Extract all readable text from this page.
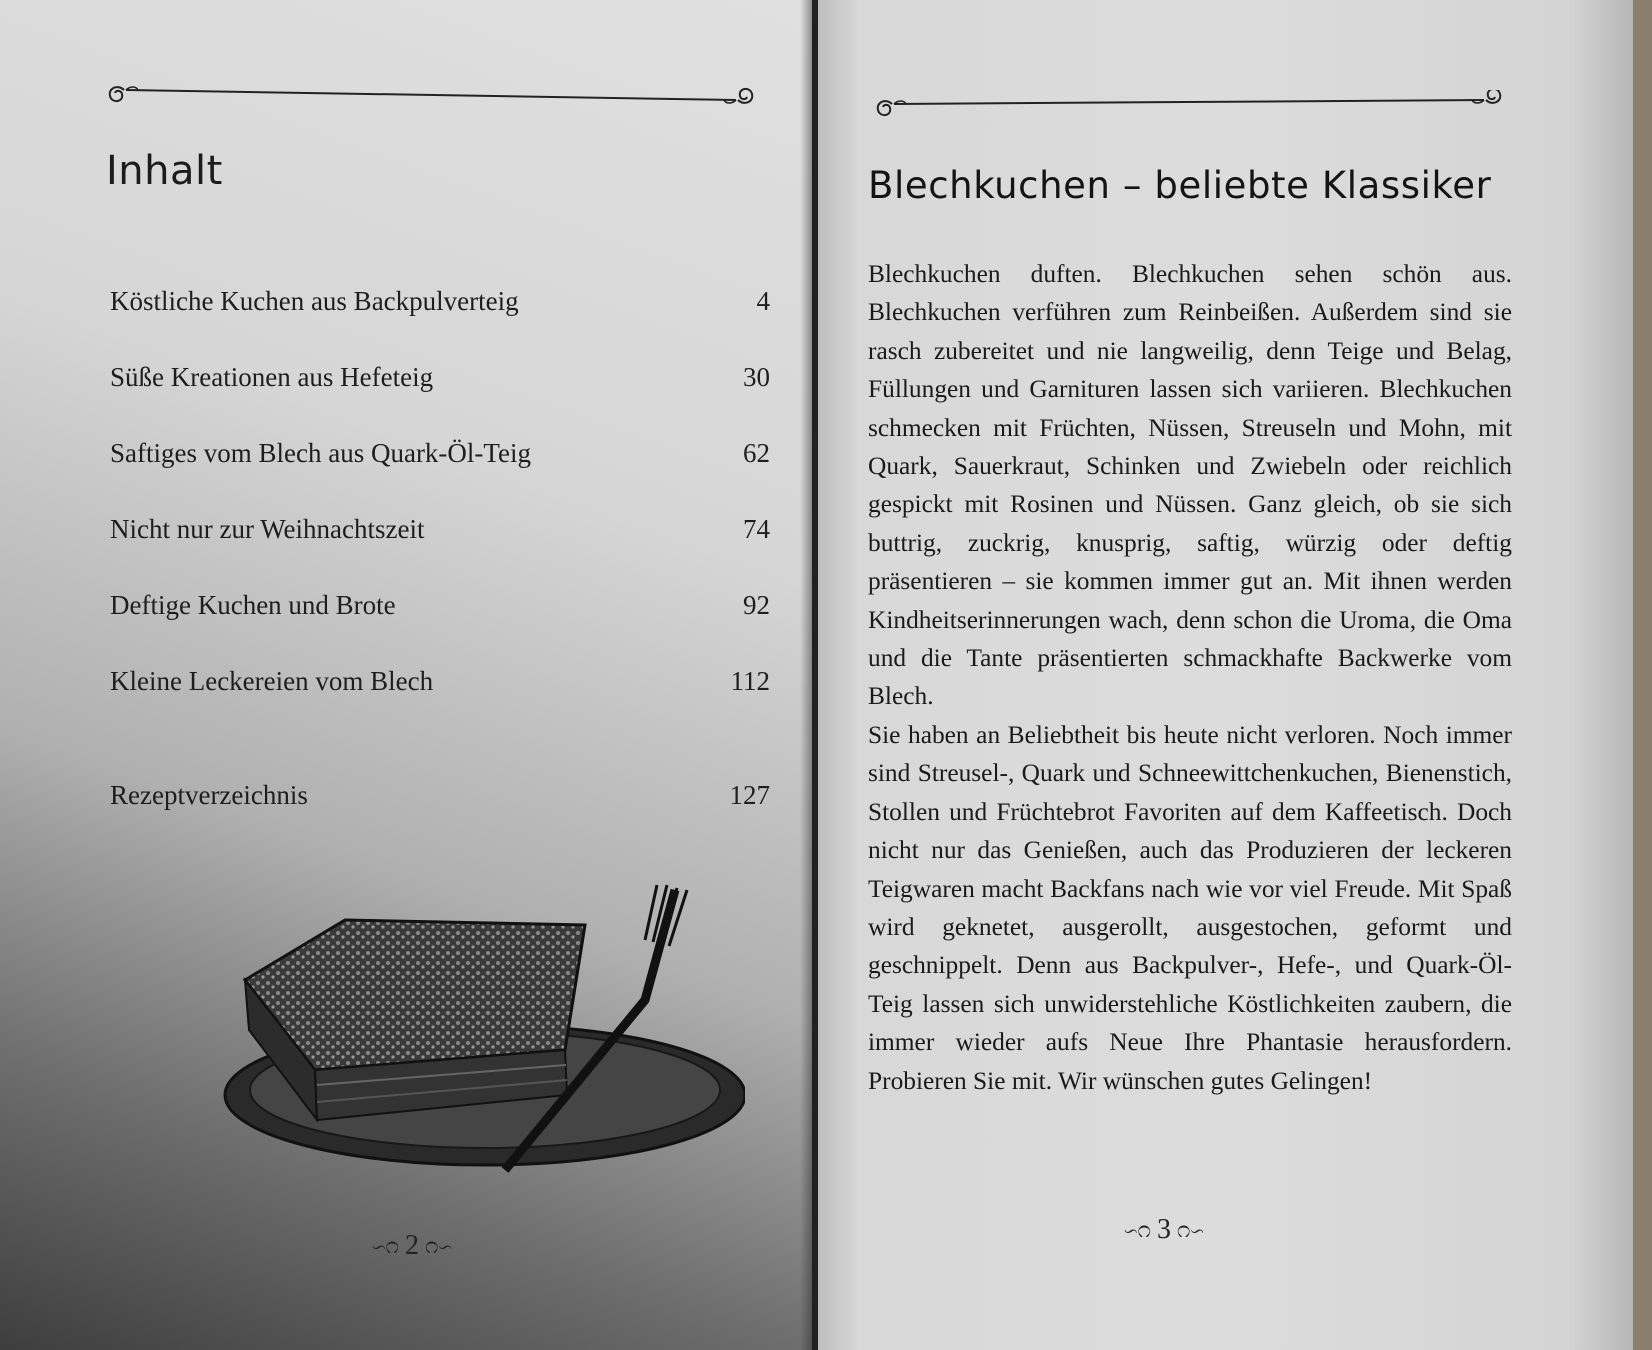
Inhalt
Köstliche Kuchen aus Backpulverteig	4
Süße Kreationen aus Hefeteig	30
Saftiges vom Blech aus Quark-Öl-Teig	62
Nicht nur zur Weihnachtszeit	74
Deftige Kuchen und Brote	92
Kleine Leckereien vom Blech	112
Rezeptverzeichnis	127
∽೧ 2 ೧∽
Blechkuchen – beliebte Klassiker

Blechkuchen duften. Blechkuchen sehen schön aus. Blechkuchen verführen zum Reinbeißen. Außerdem sind sie rasch zubereitet und nie langweilig, denn Teige und Belag, Füllungen und Garnituren lassen sich variieren. Blechkuchen schmecken mit Früchten, Nüssen, Streuseln und Mohn, mit Quark, Sauerkraut, Schinken und Zwiebeln oder reichlich gespickt mit Rosinen und Nüssen. Ganz gleich, ob sie sich buttrig, zuckrig, knusprig, saftig, würzig oder deftig präsentieren – sie kommen immer gut an. Mit ihnen werden Kindheitserinnerungen wach, denn schon die Uroma, die Oma und die Tante präsentierten schmackhafte Backwerke vom Blech.

Sie haben an Beliebtheit bis heute nicht verloren. Noch immer sind Streusel-, Quark und Schneewittchenkuchen, Bienenstich, Stollen und Früchtebrot Favoriten auf dem Kaffeetisch. Doch nicht nur das Genießen, auch das Produzieren der leckeren Teigwaren macht Backfans nach wie vor viel Freude. Mit Spaß wird geknetet, ausgerollt, ausgestochen, geformt und geschnippelt. Denn aus Backpulver-, Hefe-, und Quark-Öl-Teig lassen sich unwiderstehliche Köstlichkeiten zaubern, die immer wieder aufs Neue Ihre Phantasie herausfordern. Probieren Sie mit. Wir wünschen gutes Gelingen!

∽೧ 3 ೧∽
